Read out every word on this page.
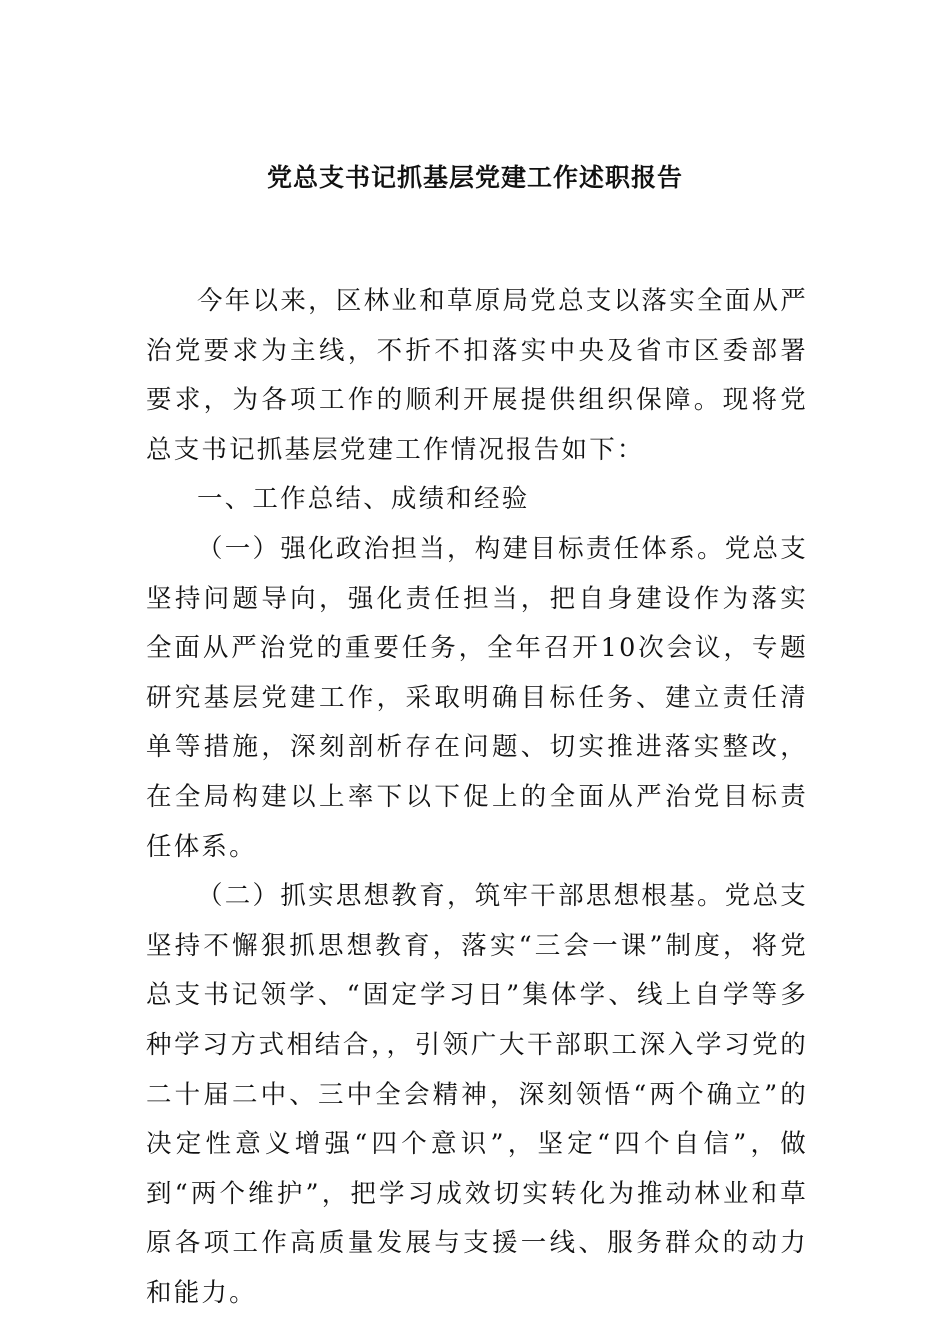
党总支书记抓基层党建工作述职报告

今年以来，区林业和草原局党总支以落实全面从严治党要求为主线，不折不扣落实中央及省市区委部署要求，为各项工作的顺利开展提供组织保障。现将党总支书记抓基层党建工作情况报告如下：

一、工作总结、成绩和经验

（一）强化政治担当，构建目标责任体系。党总支坚持问题导向，强化责任担当，把自身建设作为落实全面从严治党的重要任务，全年召开10次会议，专题研究基层党建工作，采取明确目标任务、建立责任清单等措施，深刻剖析存在问题、切实推进落实整改，在全局构建以上率下以下促上的全面从严治党目标责任体系。

（二）抓实思想教育，筑牢干部思想根基。党总支坚持不懈狠抓思想教育，落实“三会一课”制度，将党总支书记领学、“固定学习日”集体学、线上自学等多种学习方式相结合，，引领广大干部职工深入学习党的二十届二中、三中全会精神，深刻领悟“两个确立”的决定性意义增强“四个意识”，坚定“四个自信”，做到“两个维护”，把学习成效切实转化为推动林业和草原各项工作高质量发展与支援一线、服务群众的动力和能力。
